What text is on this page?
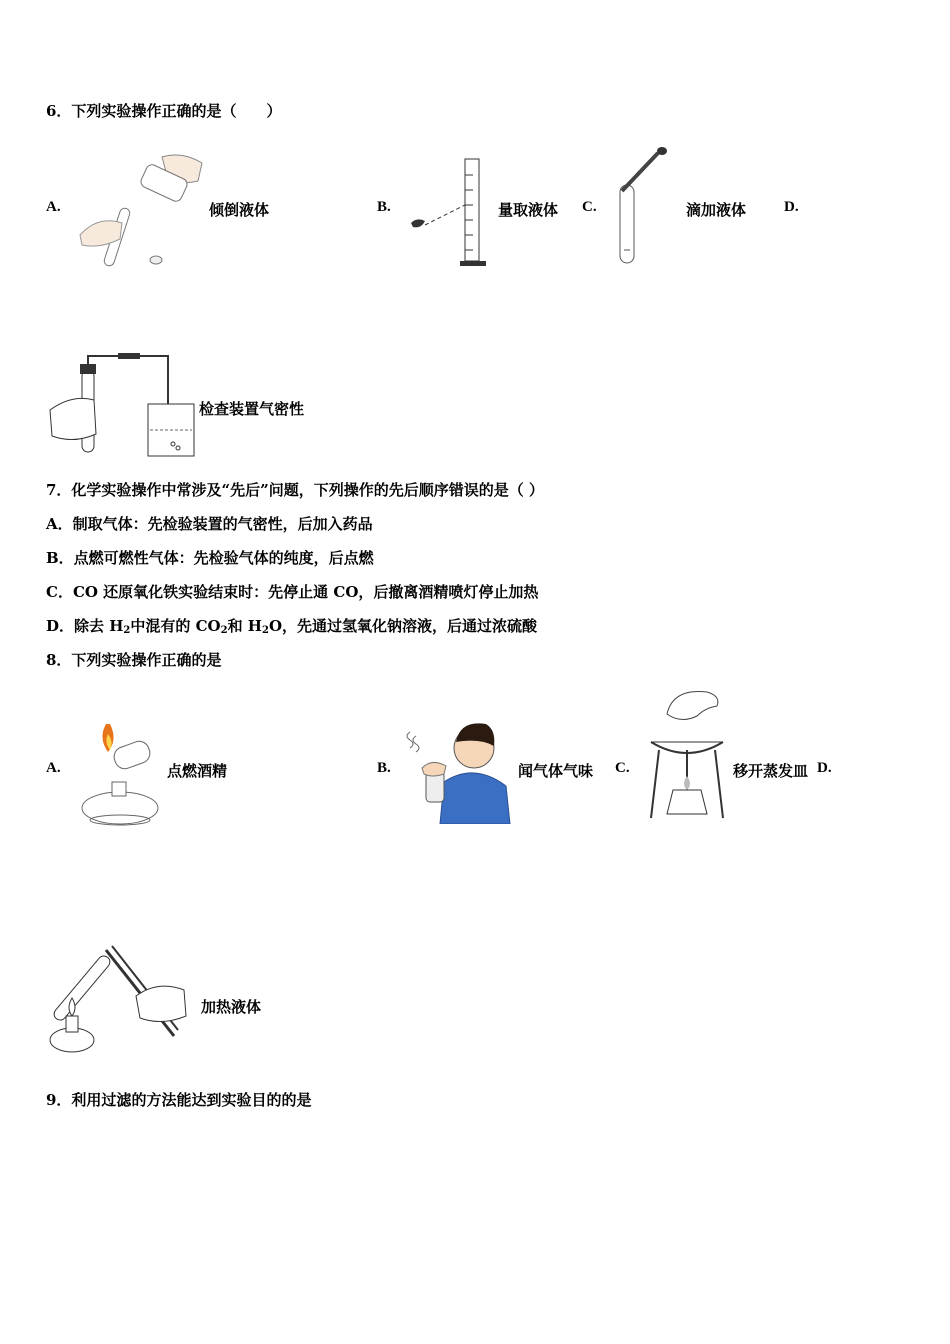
6．下列实验操作正确的是（　　）
A.	倾倒液体	B.	量取液体 C.	滴加液体	D.
检查装置气密性
7．化学实验操作中常涉及“先后”问题，下列操作的先后顺序错误的是（ ）
A．制取气体：先检验装置的气密性，后加入药品
B．点燃可燃性气体：先检验气体的纯度，后点燃
C．CO 还原氧化铁实验结束时：先停止通 CO，后撤离酒精喷灯停止加热
D．除去 $H_2$中混有的 $CO_2$和 $H_2O$，先通过氢氧化钠溶液，后通过浓硫酸
8．下列实验操作正确的是
A.	点燃酒精	B.	闻气体气味 C.	移开蒸发皿 D.
加热液体
9．利用过滤的方法能达到实验目的的是
